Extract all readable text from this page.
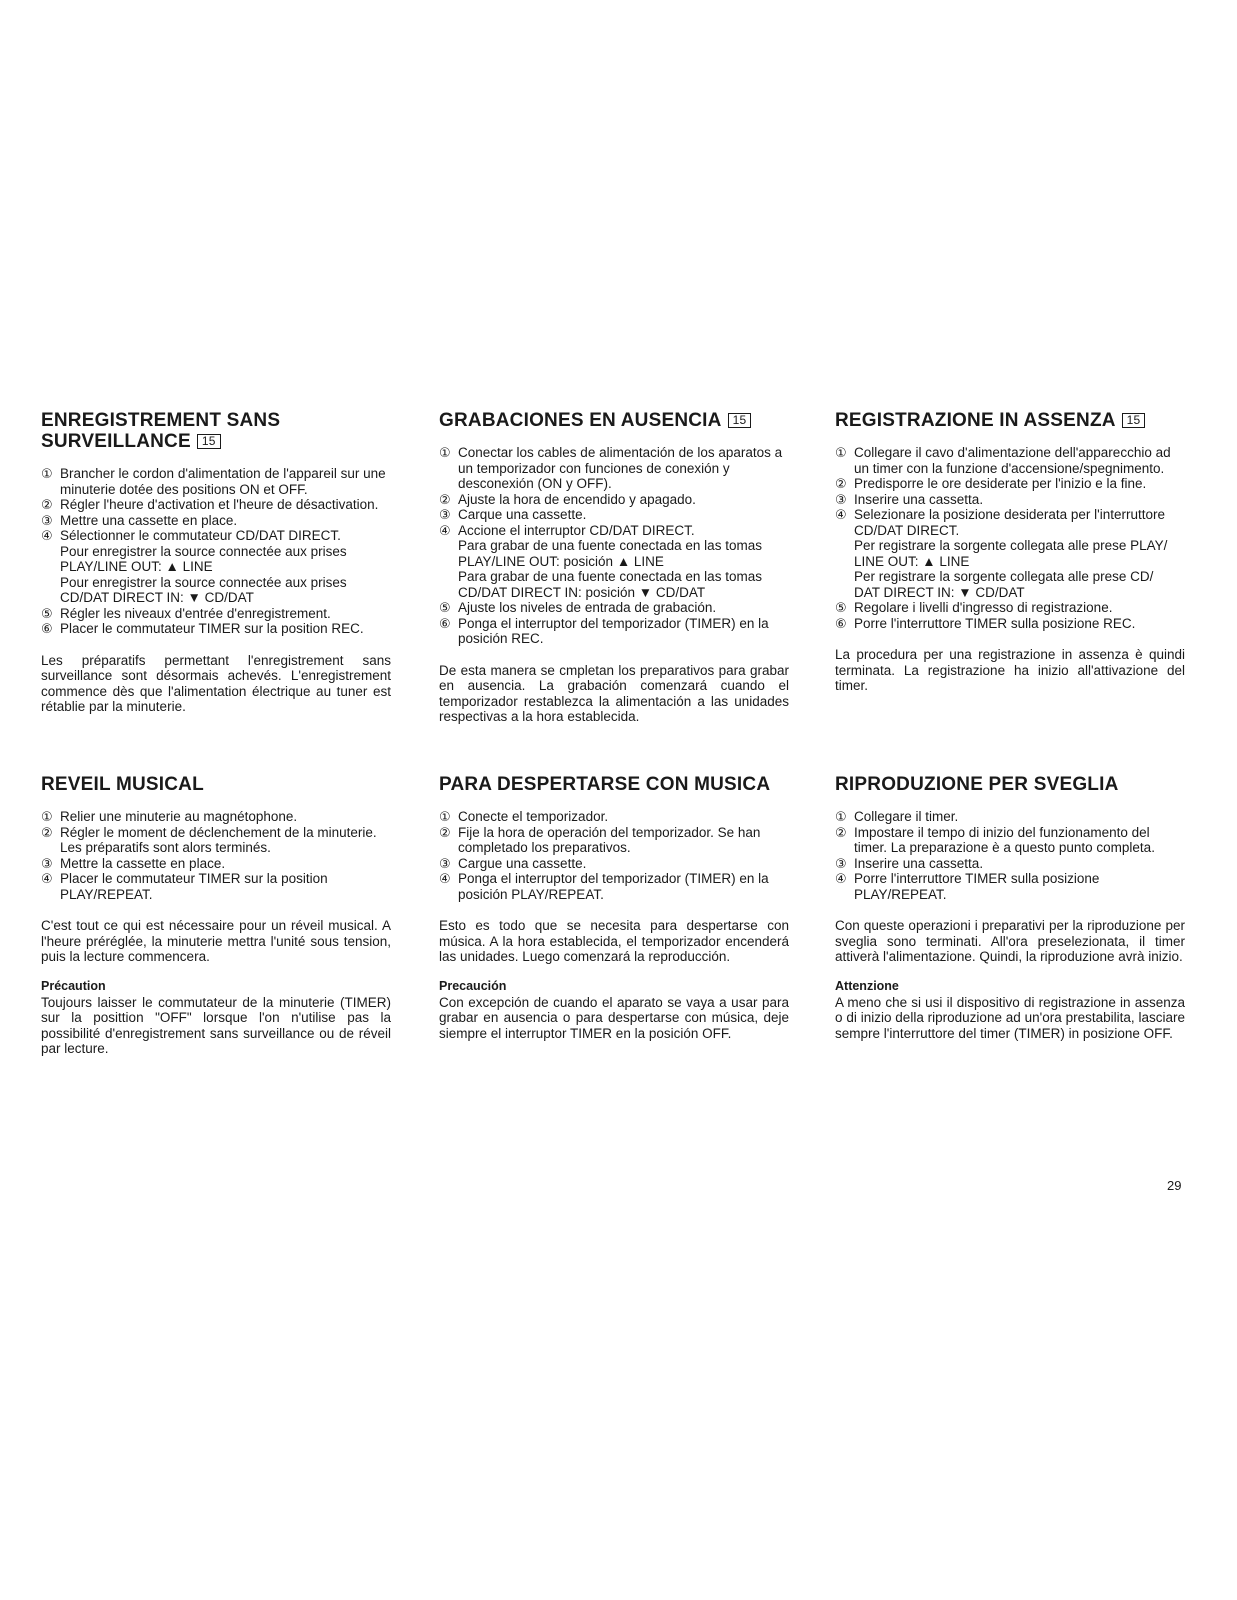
ENREGISTREMENT SANS
SURVEILLANCE 15
① Brancher le cordon d'alimentation de l'appareil sur une minuterie dotée des positions ON et OFF.
② Régler l'heure d'activation et l'heure de désactivation.
③ Mettre una cassette en place.
④ Sélectionner le commutateur CD/DAT DIRECT.
Pour enregistrer la source connectée aux prises
PLAY/LINE OUT: ▲ LINE
Pour enregistrer la source connectée aux prises
CD/DAT DIRECT IN: ▼ CD/DAT
⑤ Régler les niveaux d'entrée d'enregistrement.
⑥ Placer le commutateur TIMER sur la position REC.

Les préparatifs permettant l'enregistrement sans surveillance sont désormais achevés. L'enregistrement commence dès que l'alimentation électrique au tuner est rétablie par la minuterie.

GRABACIONES EN AUSENCIA 15
① Conectar los cables de alimentación de los aparatos a un temporizador con funciones de conexión y desconexión (ON y OFF).
② Ajuste la hora de encendido y apagado.
③ Carque una cassette.
④ Accione el interruptor CD/DAT DIRECT.
Para grabar de una fuente conectada en las tomas
PLAY/LINE OUT: posición ▲ LINE
Para grabar de una fuente conectada en las tomas
CD/DAT DIRECT IN: posición ▼ CD/DAT
⑤ Ajuste los niveles de entrada de grabación.
⑥ Ponga el interruptor del temporizador (TIMER) en la posición REC.

De esta manera se cmpletan los preparativos para grabar en ausencia. La grabación comenzará cuando el temporizador restablezca la alimentación a las unidades respectivas a la hora establecida.

REGISTRAZIONE IN ASSENZA 15
① Collegare il cavo d'alimentazione dell'apparecchio ad un timer con la funzione d'accensione/spegnimento.
② Predisporre le ore desiderate per l'inizio e la fine.
③ Inserire una cassetta.
④ Selezionare la posizione desiderata per l'interruttore CD/DAT DIRECT.
Per registrare la sorgente collegata alle prese PLAY/
LINE OUT: ▲ LINE
Per registrare la sorgente collegata alle prese CD/
DAT DIRECT IN: ▼ CD/DAT
⑤ Regolare i livelli d'ingresso di registrazione.
⑥ Porre l'interruttore TIMER sulla posizione REC.

La procedura per una registrazione in assenza è quindi terminata. La registrazione ha inizio all'attivazione del timer.

REVEIL MUSICAL
① Relier une minuterie au magnétophone.
② Régler le moment de déclenchement de la minuterie. Les préparatifs sont alors terminés.
③ Mettre la cassette en place.
④ Placer le commutateur TIMER sur la position PLAY/REPEAT.

C'est tout ce qui est nécessaire pour un réveil musical. A l'heure préréglée, la minuterie mettra l'unité sous tension, puis la lecture commencera.

Précaution

Toujours laisser le commutateur de la minuterie (TIMER) sur la posittion "OFF" lorsque l'on n'utilise pas la possibilité d'enregistrement sans surveillance ou de réveil par lecture.

PARA DESPERTARSE CON MUSICA
① Conecte el temporizador.
② Fije la hora de operación del temporizador. Se han completado los preparativos.
③ Cargue una cassette.
④ Ponga el interruptor del temporizador (TIMER) en la posición PLAY/REPEAT.

Esto es todo que se necesita para despertarse con música. A la hora establecida, el temporizador encenderá las unidades. Luego comenzará la reproducción.

Precaución

Con excepción de cuando el aparato se vaya a usar para grabar en ausencia o para despertarse con música, deje siempre el interruptor TIMER en la posición OFF.

RIPRODUZIONE PER SVEGLIA
① Collegare il timer.
② Impostare il tempo di inizio del funzionamento del timer. La preparazione è a questo punto completa.
③ Inserire una cassetta.
④ Porre l'interruttore TIMER sulla posizione PLAY/REPEAT.

Con queste operazioni i preparativi per la riproduzione per sveglia sono terminati. All'ora preselezionata, il timer attiverà l'alimentazione. Quindi, la riproduzione avrà inizio.

Attenzione

A meno che si usi il dispositivo di registrazione in assenza o di inizio della riproduzione ad un'ora prestabilita, lasciare sempre l'interruttore del timer (TIMER) in posizione OFF.

29
